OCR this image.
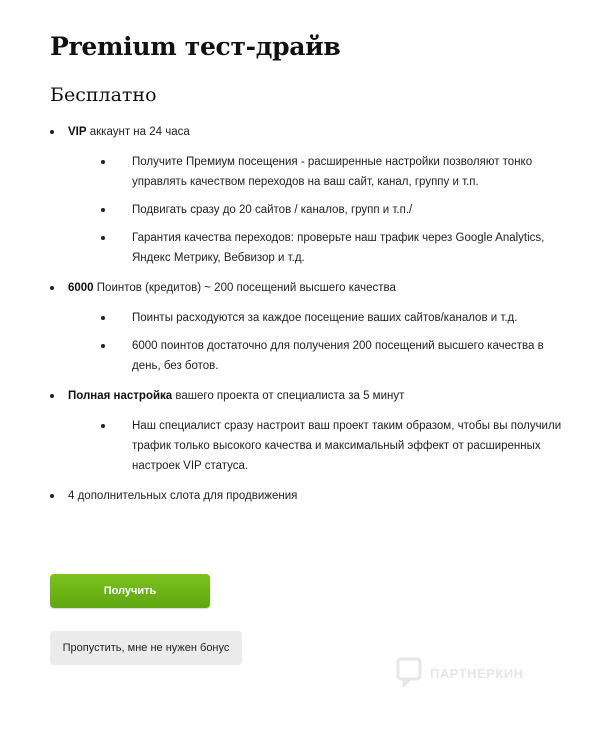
Premium тест-драйв
Бесплатно
VIP аккаунт на 24 часа
Получите Премиум посещения - расширенные настройки позволяют тонко управлять качеством переходов на ваш сайт, канал, группу и т.п.
Подвигать сразу до 20 сайтов / каналов, групп и т.п./
Гарантия качества переходов: проверьте наш трафик через Google Analytics, Яндекс Метрику, Вебвизор и т.д.
6000 Поинтов (кредитов) ~ 200 посещений высшего качества
Поинты расходуются за каждое посещение ваших сайтов/каналов и т.д.
6000 поинтов достаточно для получения 200 посещений высшего качества в день, без ботов.
Полная настройка вашего проекта от специалиста за 5 минут
Наш специалист сразу настроит ваш проект таким образом, чтобы вы получили трафик только высокого качества и максимальный эффект от расширенных настроек VIP статуса.
4 дополнительных слота для продвижения
Получить
Пропустить, мне не нужен бонус
ПАРТНЕРКИН
